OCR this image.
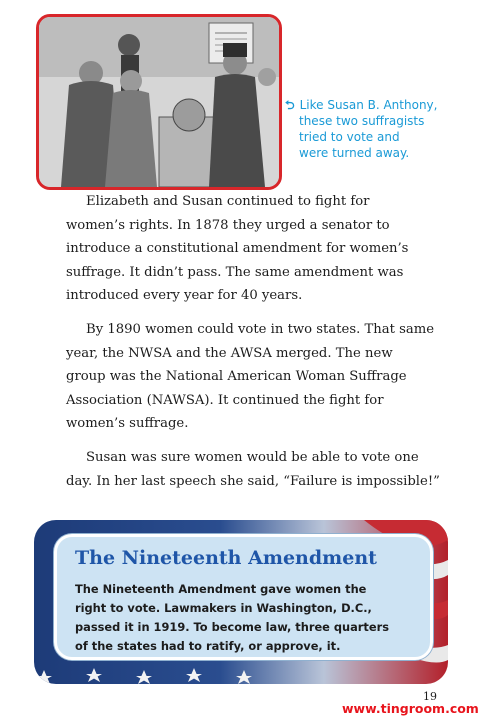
⮌ Like Susan B. Anthony,
these two suffragists
tried to vote and
were turned away.

Elizabeth and Susan continued to fight for
women’s rights. In 1878 they urged a senator to
introduce a constitutional amendment for women’s
suffrage. It didn’t pass. The same amendment was
introduced every year for 40 years.

By 1890 women could vote in two states. That same
year, the NWSA and the AWSA merged. The new
group was the National American Woman Suffrage
Association (NAWSA). It continued the fight for
women’s suffrage.

Susan was sure women would be able to vote one
day. In her last speech she said, “Failure is impossible!”

The Nineteenth Amendment
The Nineteenth Amendment gave women the
right to vote. Lawmakers in Washington, D.C.,
passed it in 1919. To become law, three quarters
of the states had to ratify, or approve, it.
19
www.tingroom.com
